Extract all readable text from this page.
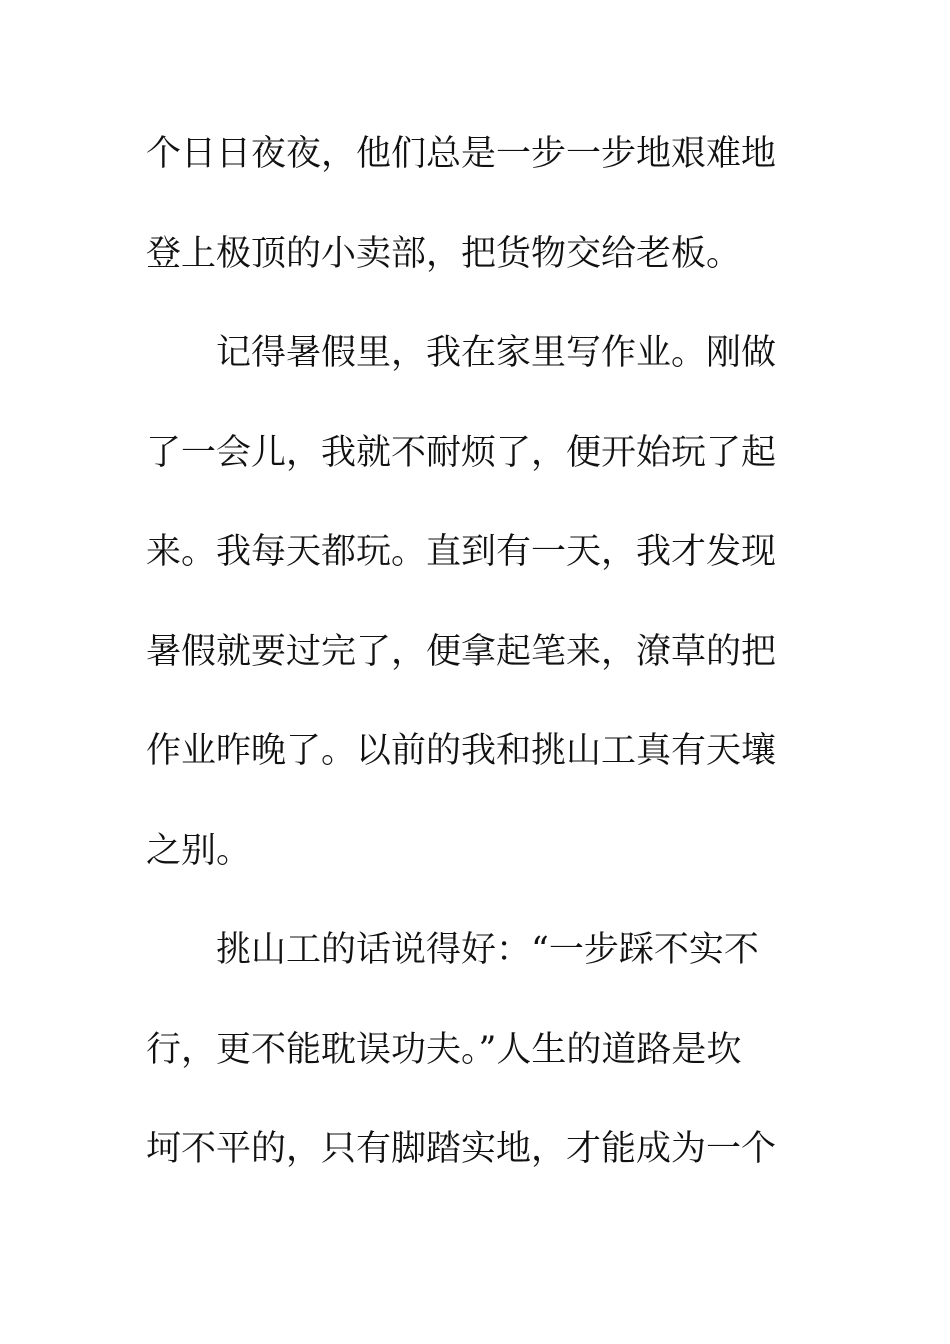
个日日夜夜，他们总是一步一步地艰难地
登上极顶的小卖部，把货物交给老板。
记得暑假里，我在家里写作业。刚做
了一会儿，我就不耐烦了，便开始玩了起
来。我每天都玩。直到有一天，我才发现
暑假就要过完了，便拿起笔来，潦草的把
作业昨晚了。以前的我和挑山工真有天壤
之别。
挑山工的话说得好：“一步踩不实不
行，更不能耽误功夫。”人生的道路是坎
坷不平的，只有脚踏实地，才能成为一个
